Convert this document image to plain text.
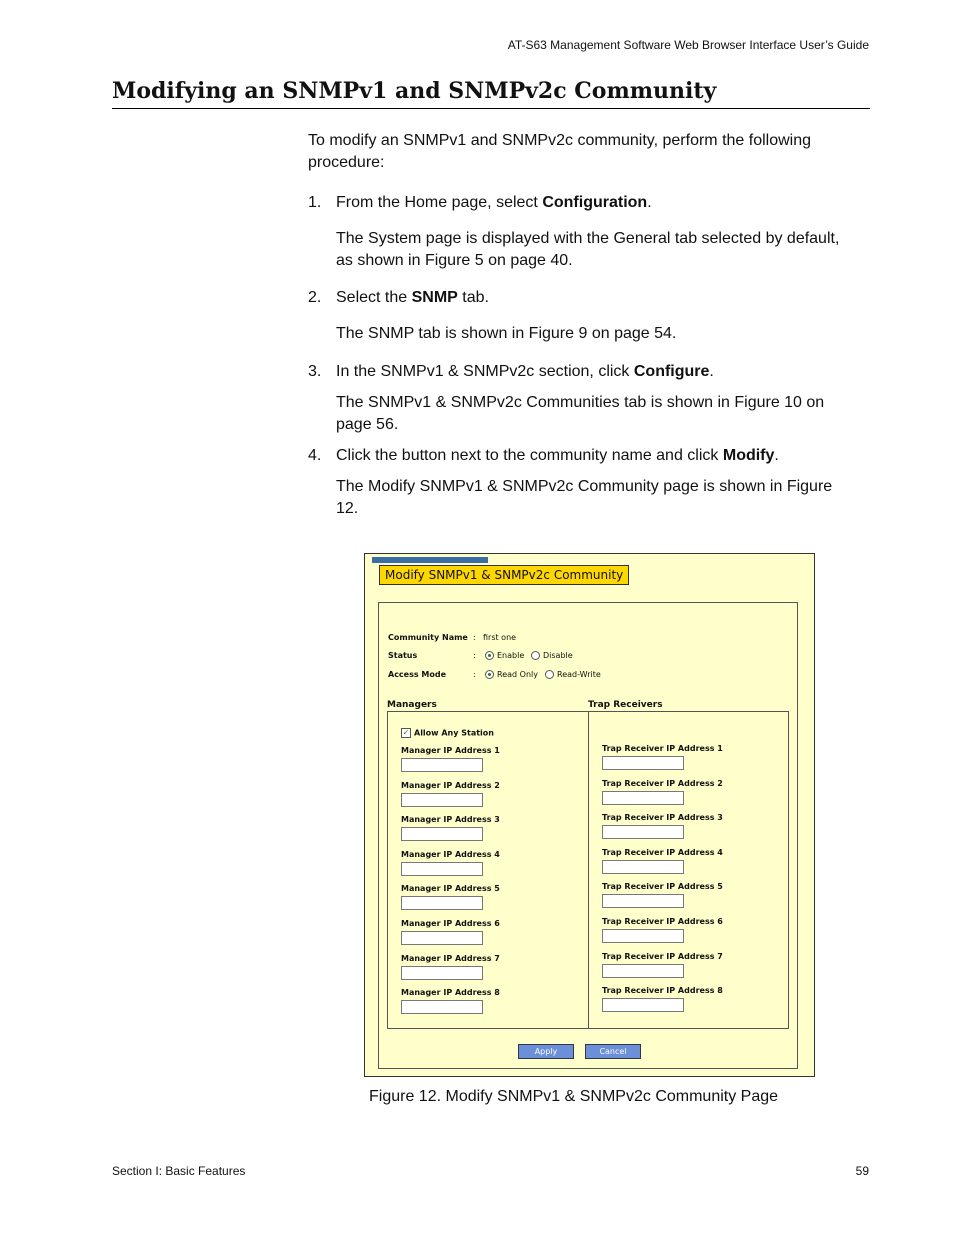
AT-S63 Management Software Web Browser Interface User’s Guide
Modifying an SNMPv1 and SNMPv2c Community
To modify an SNMPv1 and SNMPv2c community, perform the following procedure:
1. From the Home page, select Configuration.
The System page is displayed with the General tab selected by default, as shown in Figure 5 on page 40.
2. Select the SNMP tab.
The SNMP tab is shown in Figure 9 on page 54.
3. In the SNMPv1 & SNMPv2c section, click Configure.
The SNMPv1 & SNMPv2c Communities tab is shown in Figure 10 on page 56.
4. Click the button next to the community name and click Modify.
The Modify SNMPv1 & SNMPv2c Community page is shown in Figure 12.
Modify SNMPv1 & SNMPv2c Community
Community Name : first one
Status	:	Enable	Disable
Access Mode	:	Read Only	Read-Write
Managers	Trap Receivers
✓ Allow Any Station
Manager IP Address 1
Manager IP Address 2
Manager IP Address 3
Manager IP Address 4
Manager IP Address 5
Manager IP Address 6
Manager IP Address 7
Manager IP Address 8
Trap Receiver IP Address 1
Trap Receiver IP Address 2
Trap Receiver IP Address 3
Trap Receiver IP Address 4
Trap Receiver IP Address 5
Trap Receiver IP Address 6
Trap Receiver IP Address 7
Trap Receiver IP Address 8
Apply	Cancel
Figure 12. Modify SNMPv1 & SNMPv2c Community Page
Section I: Basic Features	59
